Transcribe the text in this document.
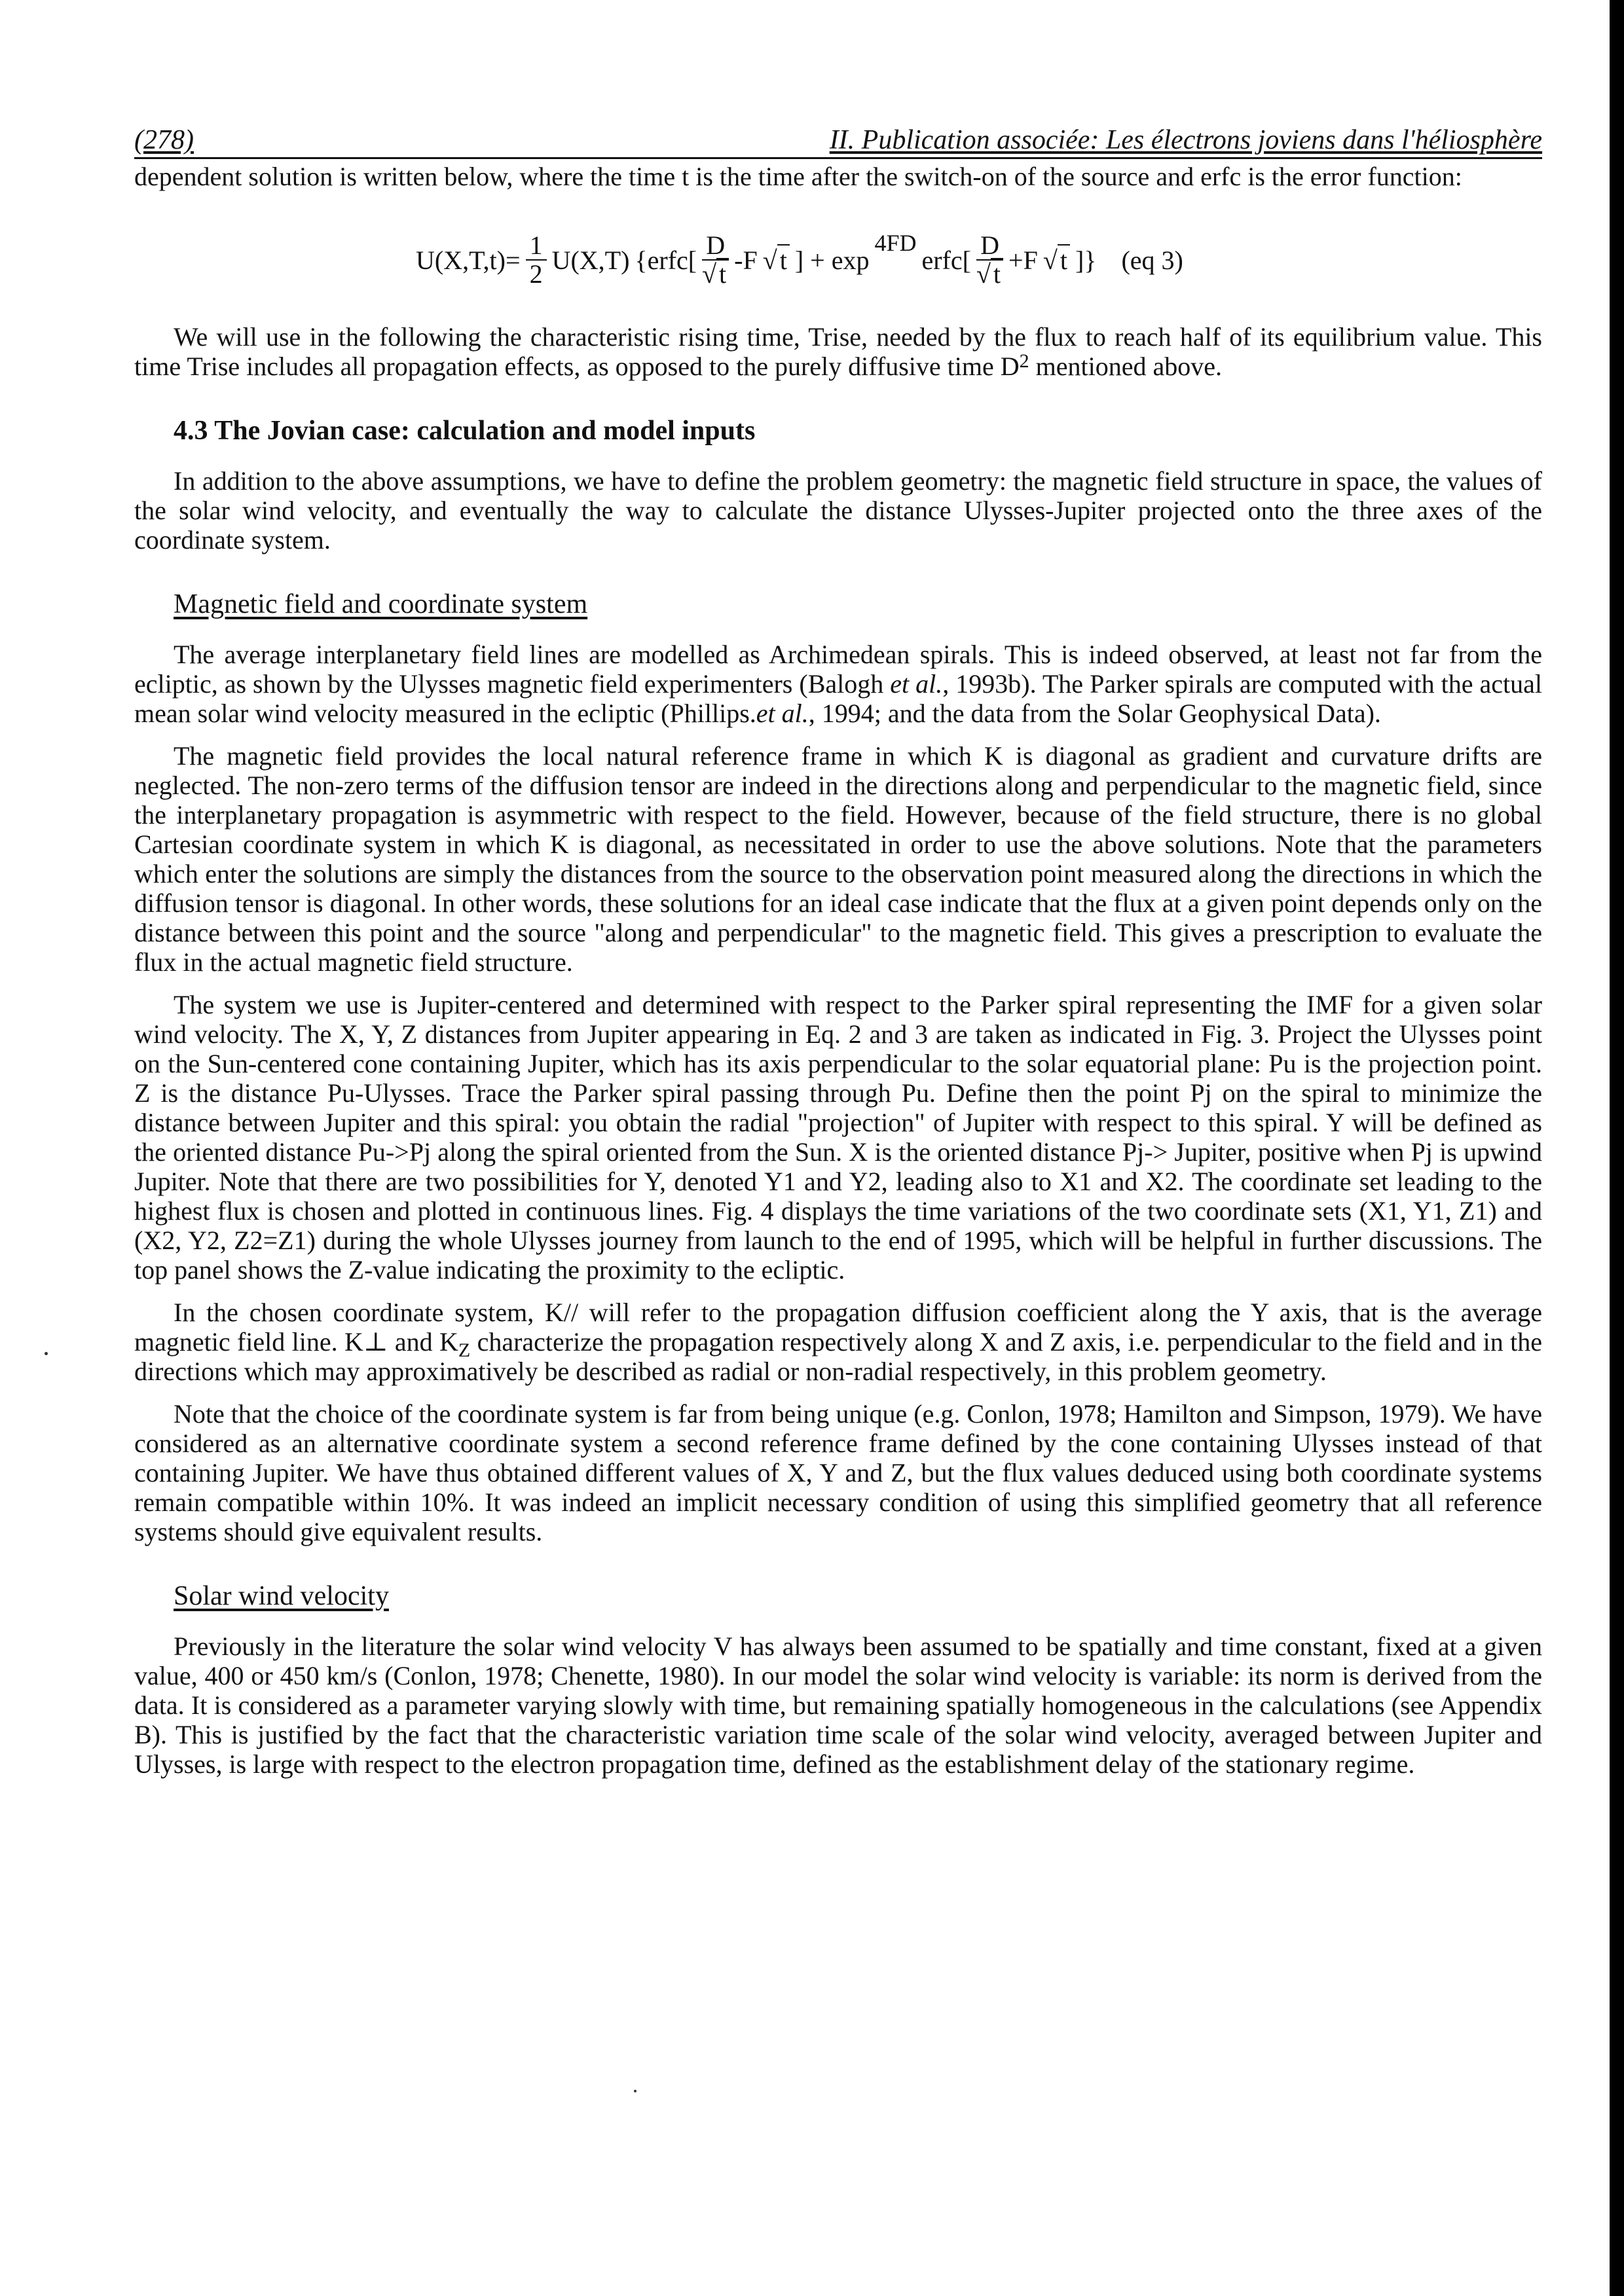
(278)	II. Publication associée: Les électrons joviens dans l'héliosphère

dependent solution is written below, where the time t is the time after the switch-on of the source and erfc is the error function:

$U(X,T,t)= \frac{1}{2} U(X,T)$ {erfc[ $\frac{D}{√ t} -F$ √ t ] + exp
4FD
erfc[ $\frac{D}{√ t} +F$ √ t ]} (eq 3)

We will use in the following the characteristic rising time, Trise, needed by the flux to reach half of its equilibrium value. This time Trise includes all propagation effects, as opposed to the purely diffusive time $D^2$ mentioned above.

4.3 The Jovian case: calculation and model inputs

In addition to the above assumptions, we have to define the problem geometry: the magnetic field structure in space, the values of the solar wind velocity, and eventually the way to calculate the distance Ulysses-Jupiter projected onto the three axes of the coordinate system.

Magnetic field and coordinate system

The average interplanetary field lines are modelled as Archimedean spirals. This is indeed observed, at least not far from the ecliptic, as shown by the Ulysses magnetic field experimenters (Balogh et al., 1993b). The Parker spirals are computed with the actual mean solar wind velocity measured in the ecliptic (Phillips.et al., 1994; and the data from the Solar Geophysical Data).

The magnetic field provides the local natural reference frame in which K is diagonal as gradient and curvature drifts are neglected. The non-zero terms of the diffusion tensor are indeed in the directions along and perpendicular to the magnetic field, since the interplanetary propagation is asymmetric with respect to the field. However, because of the field structure, there is no global Cartesian coordinate system in which K is diagonal, as necessitated in order to use the above solutions. Note that the parameters which enter the solutions are simply the distances from the source to the observation point measured along the directions in which the diffusion tensor is diagonal. In other words, these solutions for an ideal case indicate that the flux at a given point depends only on the distance between this point and the source "along and perpendicular" to the magnetic field. This gives a prescription to evaluate the flux in the actual magnetic field structure.

The system we use is Jupiter-centered and determined with respect to the Parker spiral representing the IMF for a given solar wind velocity. The X, Y, Z distances from Jupiter appearing in Eq. 2 and 3 are taken as indicated in Fig. 3. Project the Ulysses point on the Sun-centered cone containing Jupiter, which has its axis perpendicular to the solar equatorial plane: Pu is the projection point. Z is the distance Pu-Ulysses. Trace the Parker spiral passing through Pu. Define then the point Pj on the spiral to minimize the distance between Jupiter and this spiral: you obtain the radial "projection" of Jupiter with respect to this spiral. Y will be defined as the oriented distance Pu->Pj along the spiral oriented from the Sun. X is the oriented distance Pj-> Jupiter, positive when Pj is upwind Jupiter. Note that there are two possibilities for Y, denoted Y1 and Y2, leading also to X1 and X2. The coordinate set leading to the highest flux is chosen and plotted in continuous lines. Fig. 4 displays the time variations of the two coordinate sets (X1, Y1, Z1) and (X2, Y2, Z2=Z1) during the whole Ulysses journey from launch to the end of 1995, which will be helpful in further discussions. The top panel shows the Z-value indicating the proximity to the ecliptic.

In the chosen coordinate system, K// will refer to the propagation diffusion coefficient along the Y axis, that is the average magnetic field line. K⊥ and $K_Z$ characterize the propagation respectively along X and Z axis, i.e. perpendicular to the field and in the directions which may approximatively be described as radial or non-radial respectively, in this problem geometry.

Note that the choice of the coordinate system is far from being unique (e.g. Conlon, 1978; Hamilton and Simpson, 1979). We have considered as an alternative coordinate system a second reference frame defined by the cone containing Ulysses instead of that containing Jupiter. We have thus obtained different values of X, Y and Z, but the flux values deduced using both coordinate systems remain compatible within 10%. It was indeed an implicit necessary condition of using this simplified geometry that all reference systems should give equivalent results.

Solar wind velocity

Previously in the literature the solar wind velocity V has always been assumed to be spatially and time constant, fixed at a given value, 400 or 450 km/s (Conlon, 1978; Chenette, 1980). In our model the solar wind velocity is variable: its norm is derived from the data. It is considered as a parameter varying slowly with time, but remaining spatially homogeneous in the calculations (see Appendix B). This is justified by the fact that the characteristic variation time scale of the solar wind velocity, averaged between Jupiter and Ulysses, is large with respect to the electron propagation time, defined as the establishment delay of the stationary regime.
